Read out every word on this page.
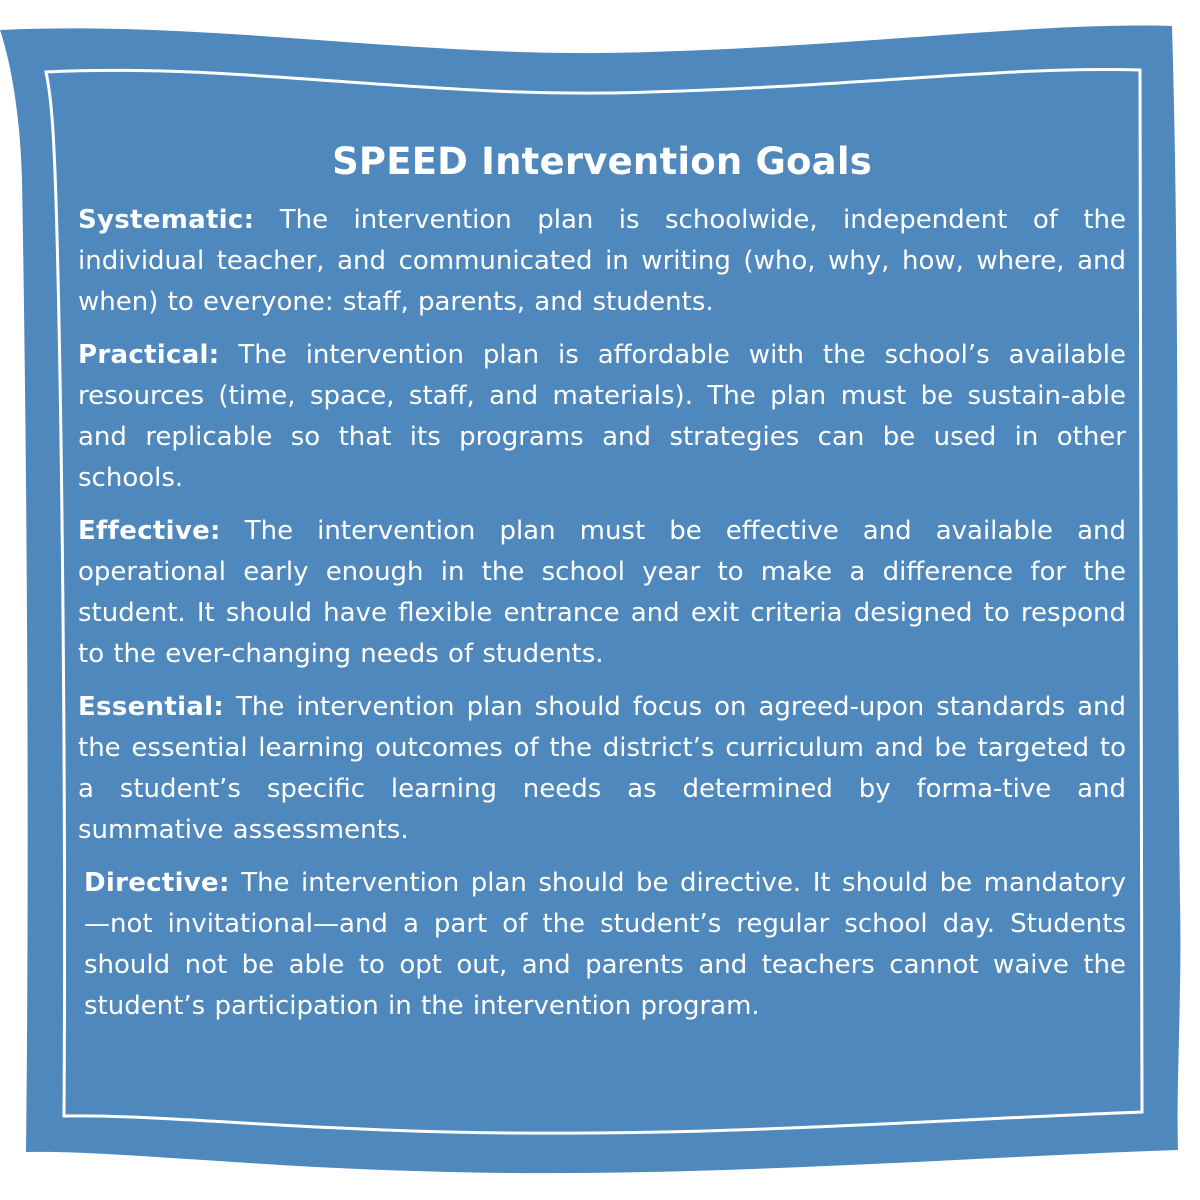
SPEED Intervention Goals

Systematic: The intervention plan is schoolwide, independent of the individual teacher, and communicated in writing (who, why, how, where, and when) to everyone: staff, parents, and students.

Practical: The intervention plan is affordable with the school’s available resources (time, space, staff, and materials). The plan must be sustain-able and replicable so that its programs and strategies can be used in other schools.

Effective: The intervention plan must be effective and available and operational early enough in the school year to make a difference for the student. It should have flexible entrance and exit criteria designed to respond to the ever-changing needs of students.

Essential: The intervention plan should focus on agreed-upon standards and the essential learning outcomes of the district’s curriculum and be targeted to a student’s specific learning needs as determined by forma-tive and summative assessments.

Directive: The intervention plan should be directive. It should be mandatory—not invitational—and a part of the student’s regular school day. Students should not be able to opt out, and parents and teachers cannot waive the student’s participation in the intervention program.
